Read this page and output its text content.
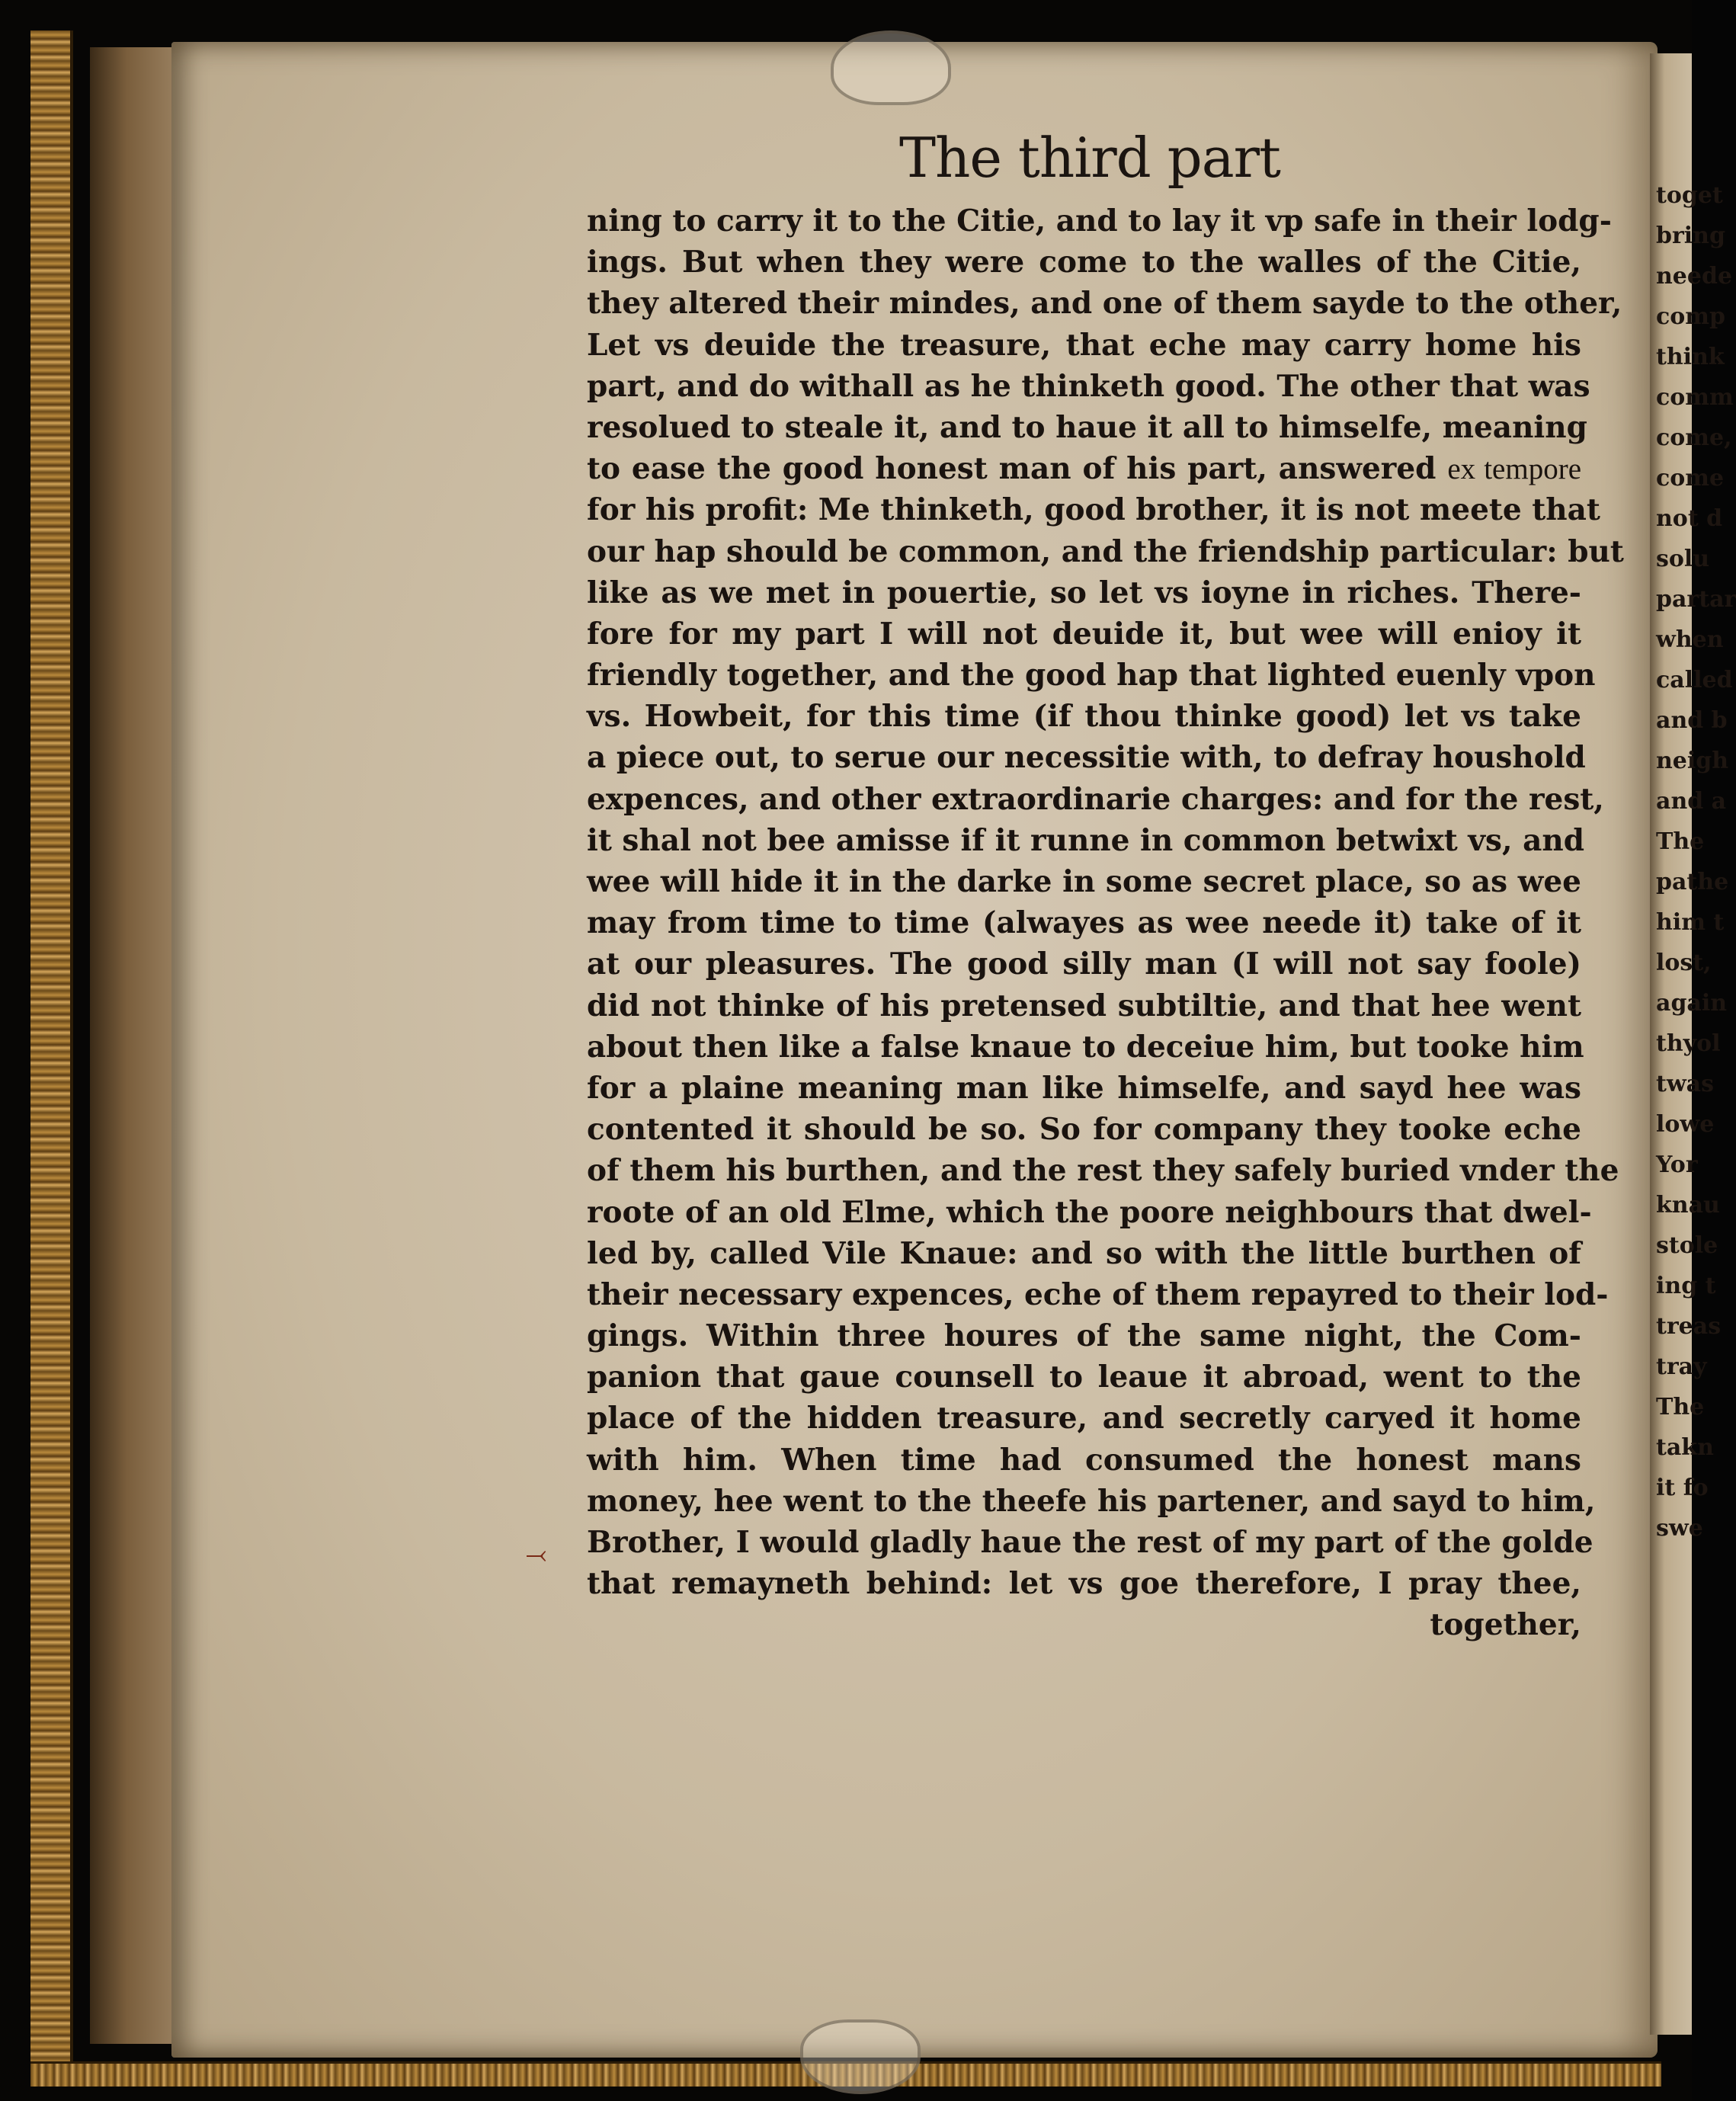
toget
bring
neede
comp
think
comm
come,
come
not d
solu
partar
when
called
and b
neigh
and a
The
pathe
him t
lost,
again
thyol
twas
lowe
Yor
knau
stole
ing t
treas
tray
The
takn
it fo
swe
The third part
⤙
ning to carry it to the Citie, and to lay it vp safe in their lodg-
ings. But when they were come to the walles of the Citie,
they altered their mindes, and one of them sayde to the other,
Let vs deuide the treasure, that eche may carry home his
part, and do withall as he thinketh good. The other that was
resolued to steale it, and to haue it all to himselfe, meaning
to ease the good honest man of his part, answered ex tempore
for his profit: Me thinketh, good brother, it is not meete that
our hap should be common, and the friendship particular: but
like as we met in pouertie, so let vs ioyne in riches. There-
fore for my part I will not deuide it, but wee will enioy it
friendly together, and the good hap that lighted euenly vpon
vs. Howbeit, for this time (if thou thinke good) let vs take
a piece out, to serue our necessitie with, to defray houshold
expences, and other extraordinarie charges: and for the rest,
it shal not bee amisse if it runne in common betwixt vs, and
wee will hide it in the darke in some secret place, so as wee
may from time to time (alwayes as wee neede it) take of it
at our pleasures. The good silly man (I will not say foole)
did not thinke of his pretensed subtiltie, and that hee went
about then like a false knaue to deceiue him, but tooke him
for a plaine meaning man like himselfe, and sayd hee was
contented it should be so. So for company they tooke eche
of them his burthen, and the rest they safely buried vnder the
roote of an old Elme, which the poore neighbours that dwel-
led by, called Vile Knaue: and so with the little burthen of
their necessary expences, eche of them repayred to their lod-
gings. Within three houres of the same night, the Com-
panion that gaue counsell to leaue it abroad, went to the
place of the hidden treasure, and secretly caryed it home
with him. When time had consumed the honest mans
money, hee went to the theefe his partener, and sayd to him,
Brother, I would gladly haue the rest of my part of the golde
that remayneth behind: let vs goe therefore, I pray thee,
together,
